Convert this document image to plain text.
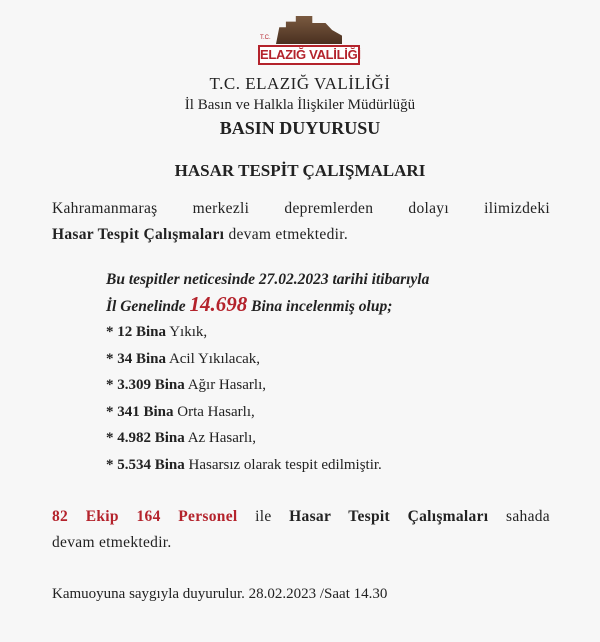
T.C.
ELAZIĞ VALİLİĞİ
T.C. ELAZIĞ VALİLİĞİ
İl Basın ve Halkla İlişkiler Müdürlüğü
BASIN DUYURUSU
HASAR TESPİT ÇALIŞMALARI
Kahramanmaraş merkezli depremlerden dolayı ilimizdeki
Hasar Tespit Çalışmaları devam etmektedir.
Bu tespitler neticesinde 27.02.2023 tarihi itibarıyla
İl Genelinde 14.698 Bina incelenmiş olup;
* 12 Bina Yıkık,
* 34 Bina Acil Yıkılacak,
* 3.309 Bina Ağır Hasarlı,
* 341 Bina Orta Hasarlı,
* 4.982 Bina Az Hasarlı,
* 5.534 Bina Hasarsız olarak tespit edilmiştir.
82 Ekip 164 Personel ile Hasar Tespit Çalışmaları sahada
devam etmektedir.
Kamuoyuna saygıyla duyurulur. 28.02.2023 /Saat 14.30
